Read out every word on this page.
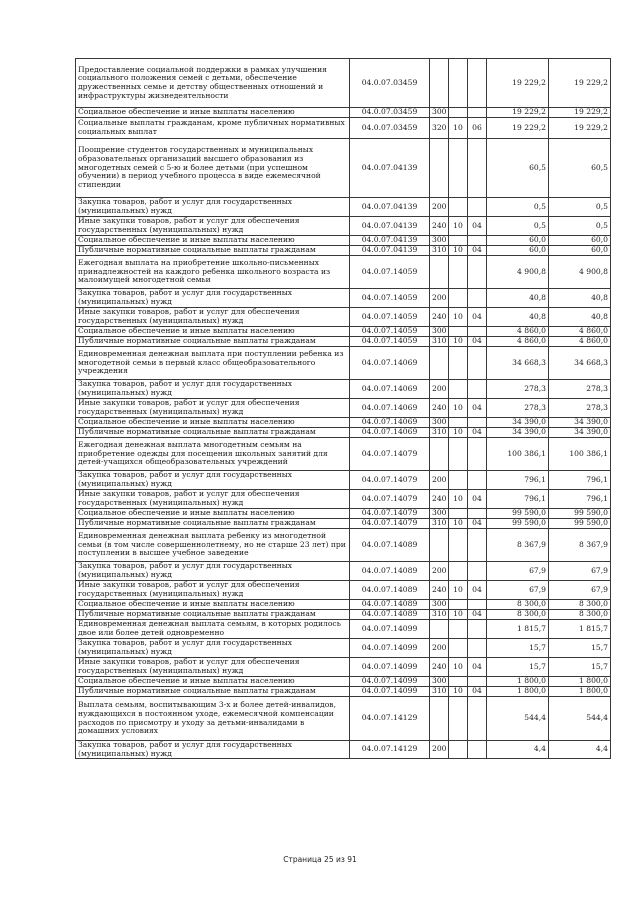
Предоставление социальной поддержки в рамках улучшения социального положения семей с детьми, обеспечение дружественных семье и детству общественных отношений и инфраструктуры жизнедеятельности	04.0.07.03459				19 229,2	19 229,2
Социальное обеспечение и иные выплаты населению	04.0.07.03459	300			19 229,2	19 229,2
Социальные выплаты гражданам, кроме публичных нормативных социальных выплат	04.0.07.03459	320	10	06	19 229,2	19 229,2
Поощрение студентов государственных и муниципальных образовательных организаций высшего образования из многодетных семей с 5-ю и более детьми (при успешном обучении) в период учебного процесса в виде ежемесячной стипендии	04.0.07.04139				60,5	60,5
Закупка товаров, работ и услуг для государственных (муниципальных) нужд	04.0.07.04139	200			0,5	0,5
Иные закупки товаров, работ и услуг для обеспечения государственных (муниципальных) нужд	04.0.07.04139	240	10	04	0,5	0,5
Социальное обеспечение и иные выплаты населению	04.0.07.04139	300			60,0	60,0
Публичные нормативные социальные выплаты гражданам	04.0.07.04139	310	10	04	60,0	60,0
Ежегодная выплата на приобретение школьно-письменных принадлежностей на каждого ребенка школьного возраста из малоимущей многодетной семьи	04.0.07.14059				4 900,8	4 900,8
Закупка товаров, работ и услуг для государственных (муниципальных) нужд	04.0.07.14059	200			40,8	40,8
Иные закупки товаров, работ и услуг для обеспечения государственных (муниципальных) нужд	04.0.07.14059	240	10	04	40,8	40,8
Социальное обеспечение и иные выплаты населению	04.0.07.14059	300			4 860,0	4 860,0
Публичные нормативные социальные выплаты гражданам	04.0.07.14059	310	10	04	4 860,0	4 860,0
Единовременная денежная выплата при поступлении ребенка из многодетной семьи в первый класс общеобразовательного учреждения	04.0.07.14069				34 668,3	34 668,3
Закупка товаров, работ и услуг для государственных (муниципальных) нужд	04.0.07.14069	200			278,3	278,3
Иные закупки товаров, работ и услуг для обеспечения государственных (муниципальных) нужд	04.0.07.14069	240	10	04	278,3	278,3
Социальное обеспечение и иные выплаты населению	04.0.07.14069	300			34 390,0	34 390,0
Публичные нормативные социальные выплаты гражданам	04.0.07.14069	310	10	04	34 390,0	34 390,0
Ежегодная денежная выплата многодетным семьям на приобретение одежды для посещения школьных занятий для детей-учащихся общеобразовательных учреждений	04.0.07.14079				100 386,1	100 386,1
Закупка товаров, работ и услуг для государственных (муниципальных) нужд	04.0.07.14079	200			796,1	796,1
Иные закупки товаров, работ и услуг для обеспечения государственных (муниципальных) нужд	04.0.07.14079	240	10	04	796,1	796,1
Социальное обеспечение и иные выплаты населению	04.0.07.14079	300			99 590,0	99 590,0
Публичные нормативные социальные выплаты гражданам	04.0.07.14079	310	10	04	99 590,0	99 590,0
Единовременная денежная выплата ребенку из многодетной семьи (в том числе совершеннолетнему, но не старше 23 лет) при поступлении в высшее учебное заведение	04.0.07.14089				8 367,9	8 367,9
Закупка товаров, работ и услуг для государственных (муниципальных) нужд	04.0.07.14089	200			67,9	67,9
Иные закупки товаров, работ и услуг для обеспечения государственных (муниципальных) нужд	04.0.07.14089	240	10	04	67,9	67,9
Социальное обеспечение и иные выплаты населению	04.0.07.14089	300			8 300,0	8 300,0
Публичные нормативные социальные выплаты гражданам	04.0.07.14089	310	10	04	8 300,0	8 300,0
Единовременная денежная выплата семьям, в которых родилось двое или более детей одновременно	04.0.07.14099				1 815,7	1 815,7
Закупка товаров, работ и услуг для государственных (муниципальных) нужд	04.0.07.14099	200			15,7	15,7
Иные закупки товаров, работ и услуг для обеспечения государственных (муниципальных) нужд	04.0.07.14099	240	10	04	15,7	15,7
Социальное обеспечение и иные выплаты населению	04.0.07.14099	300			1 800,0	1 800,0
Публичные нормативные социальные выплаты гражданам	04.0.07.14099	310	10	04	1 800,0	1 800,0
Выплата семьям, воспитывающим 3-х и более детей-инвалидов, нуждающихся в постоянном уходе, ежемесячной компенсации расходов по присмотру и уходу за детьми-инвалидами в домашних условиях	04.0.07.14129				544,4	544,4
Закупка товаров, работ и услуг для государственных (муниципальных) нужд	04.0.07.14129	200			4,4	4,4
Страница 25 из 91
